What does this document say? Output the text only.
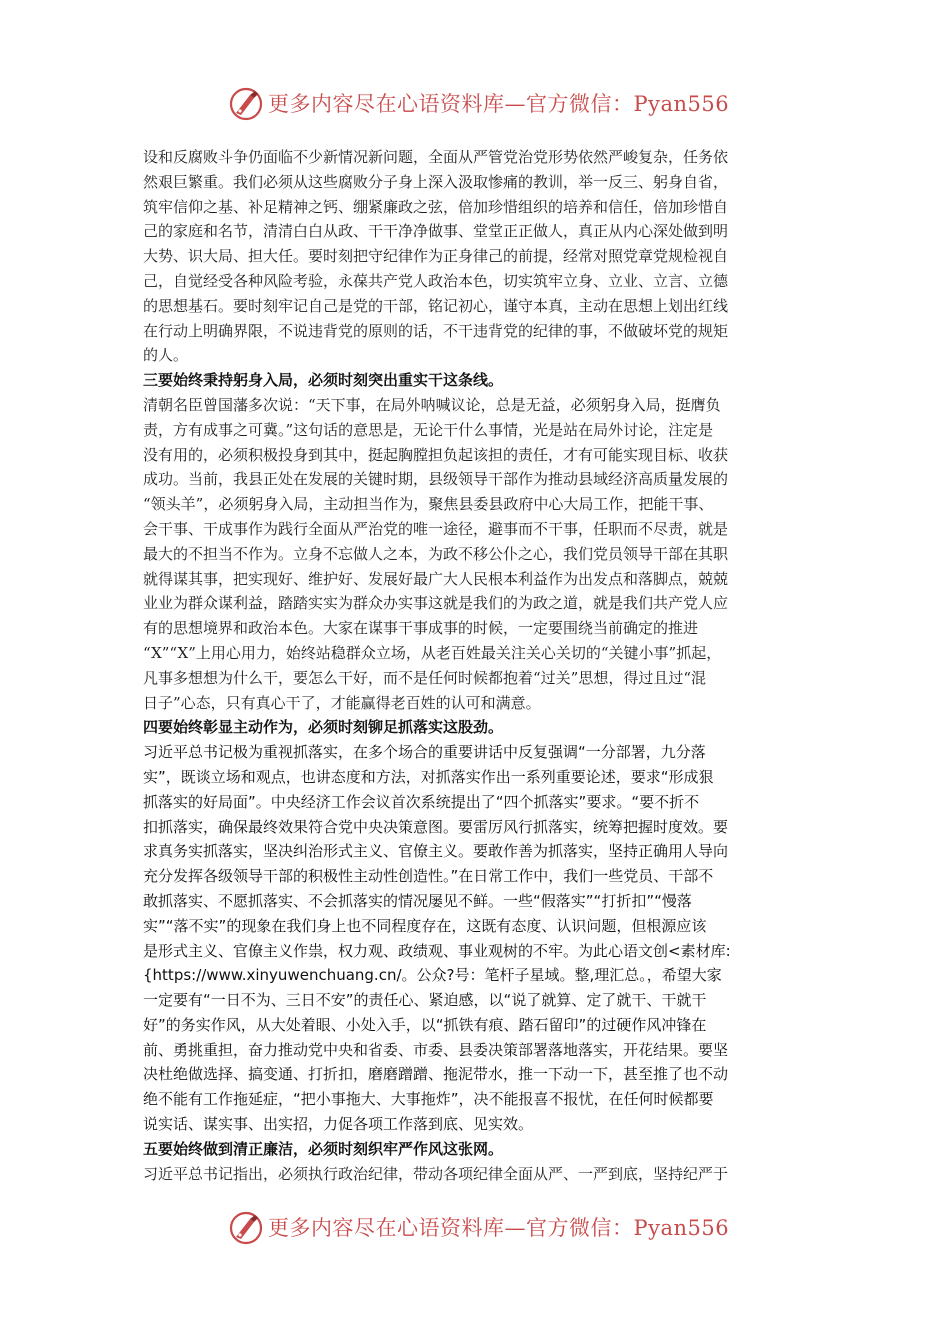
更多内容尽在心语资料库—官方微信：Pyan556

设和反腐败斗争仍面临不少新情况新问题，全面从严管党治党形势依然严峻复杂，任务依

然艰巨繁重。我们必须从这些腐败分子身上深入汲取惨痛的教训，举一反三、躬身自省，

筑牢信仰之基、补足精神之钙、绷紧廉政之弦，倍加珍惜组织的培养和信任，倍加珍惜自

己的家庭和名节，清清白白从政、干干净净做事、堂堂正正做人，真正从内心深处做到明

大势、识大局、担大任。要时刻把守纪律作为正身律己的前提，经常对照党章党规检视自

己，自觉经受各种风险考验，永葆共产党人政治本色，切实筑牢立身、立业、立言、立德

的思想基石。要时刻牢记自己是党的干部，铭记初心，谨守本真，主动在思想上划出红线

在行动上明确界限，不说违背党的原则的话，不干违背党的纪律的事，不做破坏党的规矩

的人。

三要始终秉持躬身入局，必须时刻突出重实干这条线。

清朝名臣曾国藩多次说：“天下事，在局外呐喊议论，总是无益，必须躬身入局，挺膺负

责，方有成事之可冀。”这句话的意思是，无论干什么事情，光是站在局外讨论，注定是

没有用的，必须积极投身到其中，挺起胸膛担负起该担的责任，才有可能实现目标、收获

成功。当前，我县正处在发展的关键时期，县级领导干部作为推动县域经济高质量发展的

“领头羊”，必须躬身入局，主动担当作为，聚焦县委县政府中心大局工作，把能干事、

会干事、干成事作为践行全面从严治党的唯一途径，避事而不干事，任职而不尽责，就是

最大的不担当不作为。立身不忘做人之本，为政不移公仆之心，我们党员领导干部在其职

就得谋其事，把实现好、维护好、发展好最广大人民根本利益作为出发点和落脚点，兢兢

业业为群众谋利益，踏踏实实为群众办实事这就是我们的为政之道，就是我们共产党人应

有的思想境界和政治本色。大家在谋事干事成事的时候，一定要围绕当前确定的推进

“X”“X”上用心用力，始终站稳群众立场，从老百姓最关注关心关切的“关键小事”抓起，

凡事多想想为什么干，要怎么干好，而不是任何时候都抱着“过关”思想，得过且过“混

日子”心态，只有真心干了，才能赢得老百姓的认可和满意。

四要始终彰显主动作为，必须时刻铆足抓落实这股劲。

习近平总书记极为重视抓落实，在多个场合的重要讲话中反复强调“一分部署，九分落

实”，既谈立场和观点，也讲态度和方法，对抓落实作出一系列重要论述，要求“形成狠

抓落实的好局面”。中央经济工作会议首次系统提出了“四个抓落实”要求。“要不折不

扣抓落实，确保最终效果符合党中央决策意图。要雷厉风行抓落实，统筹把握时度效。要

求真务实抓落实，坚决纠治形式主义、官僚主义。要敢作善为抓落实，坚持正确用人导向

充分发挥各级领导干部的积极性主动性创造性。”在日常工作中，我们一些党员、干部不

敢抓落实、不愿抓落实、不会抓落实的情况屡见不鲜。一些“假落实”“打折扣”“慢落

实”“落不实”的现象在我们身上也不同程度存在，这既有态度、认识问题，但根源应该

是形式主义、官僚主义作祟，权力观、政绩观、事业观树的不牢。为此心语文创<素材库:

{https://www.xinyuwenchuang.cn/。公众?号：笔杆子星域。整,理汇总。，希望大家

一定要有“一日不为、三日不安”的责任心、紧迫感，以“说了就算、定了就干、干就干

好”的务实作风，从大处着眼、小处入手，以“抓铁有痕、踏石留印”的过硬作风冲锋在

前、勇挑重担，奋力推动党中央和省委、市委、县委决策部署落地落实，开花结果。要坚

决杜绝做选择、搞变通、打折扣，磨磨蹭蹭、拖泥带水，推一下动一下，甚至推了也不动

绝不能有工作拖延症，“把小事拖大、大事拖炸”，决不能报喜不报忧，在任何时候都要

说实话、谋实事、出实招，力促各项工作落到底、见实效。

五要始终做到清正廉洁，必须时刻织牢严作风这张网。

习近平总书记指出，必须执行政治纪律，带动各项纪律全面从严、一严到底，坚持纪严于

更多内容尽在心语资料库—官方微信：Pyan556
